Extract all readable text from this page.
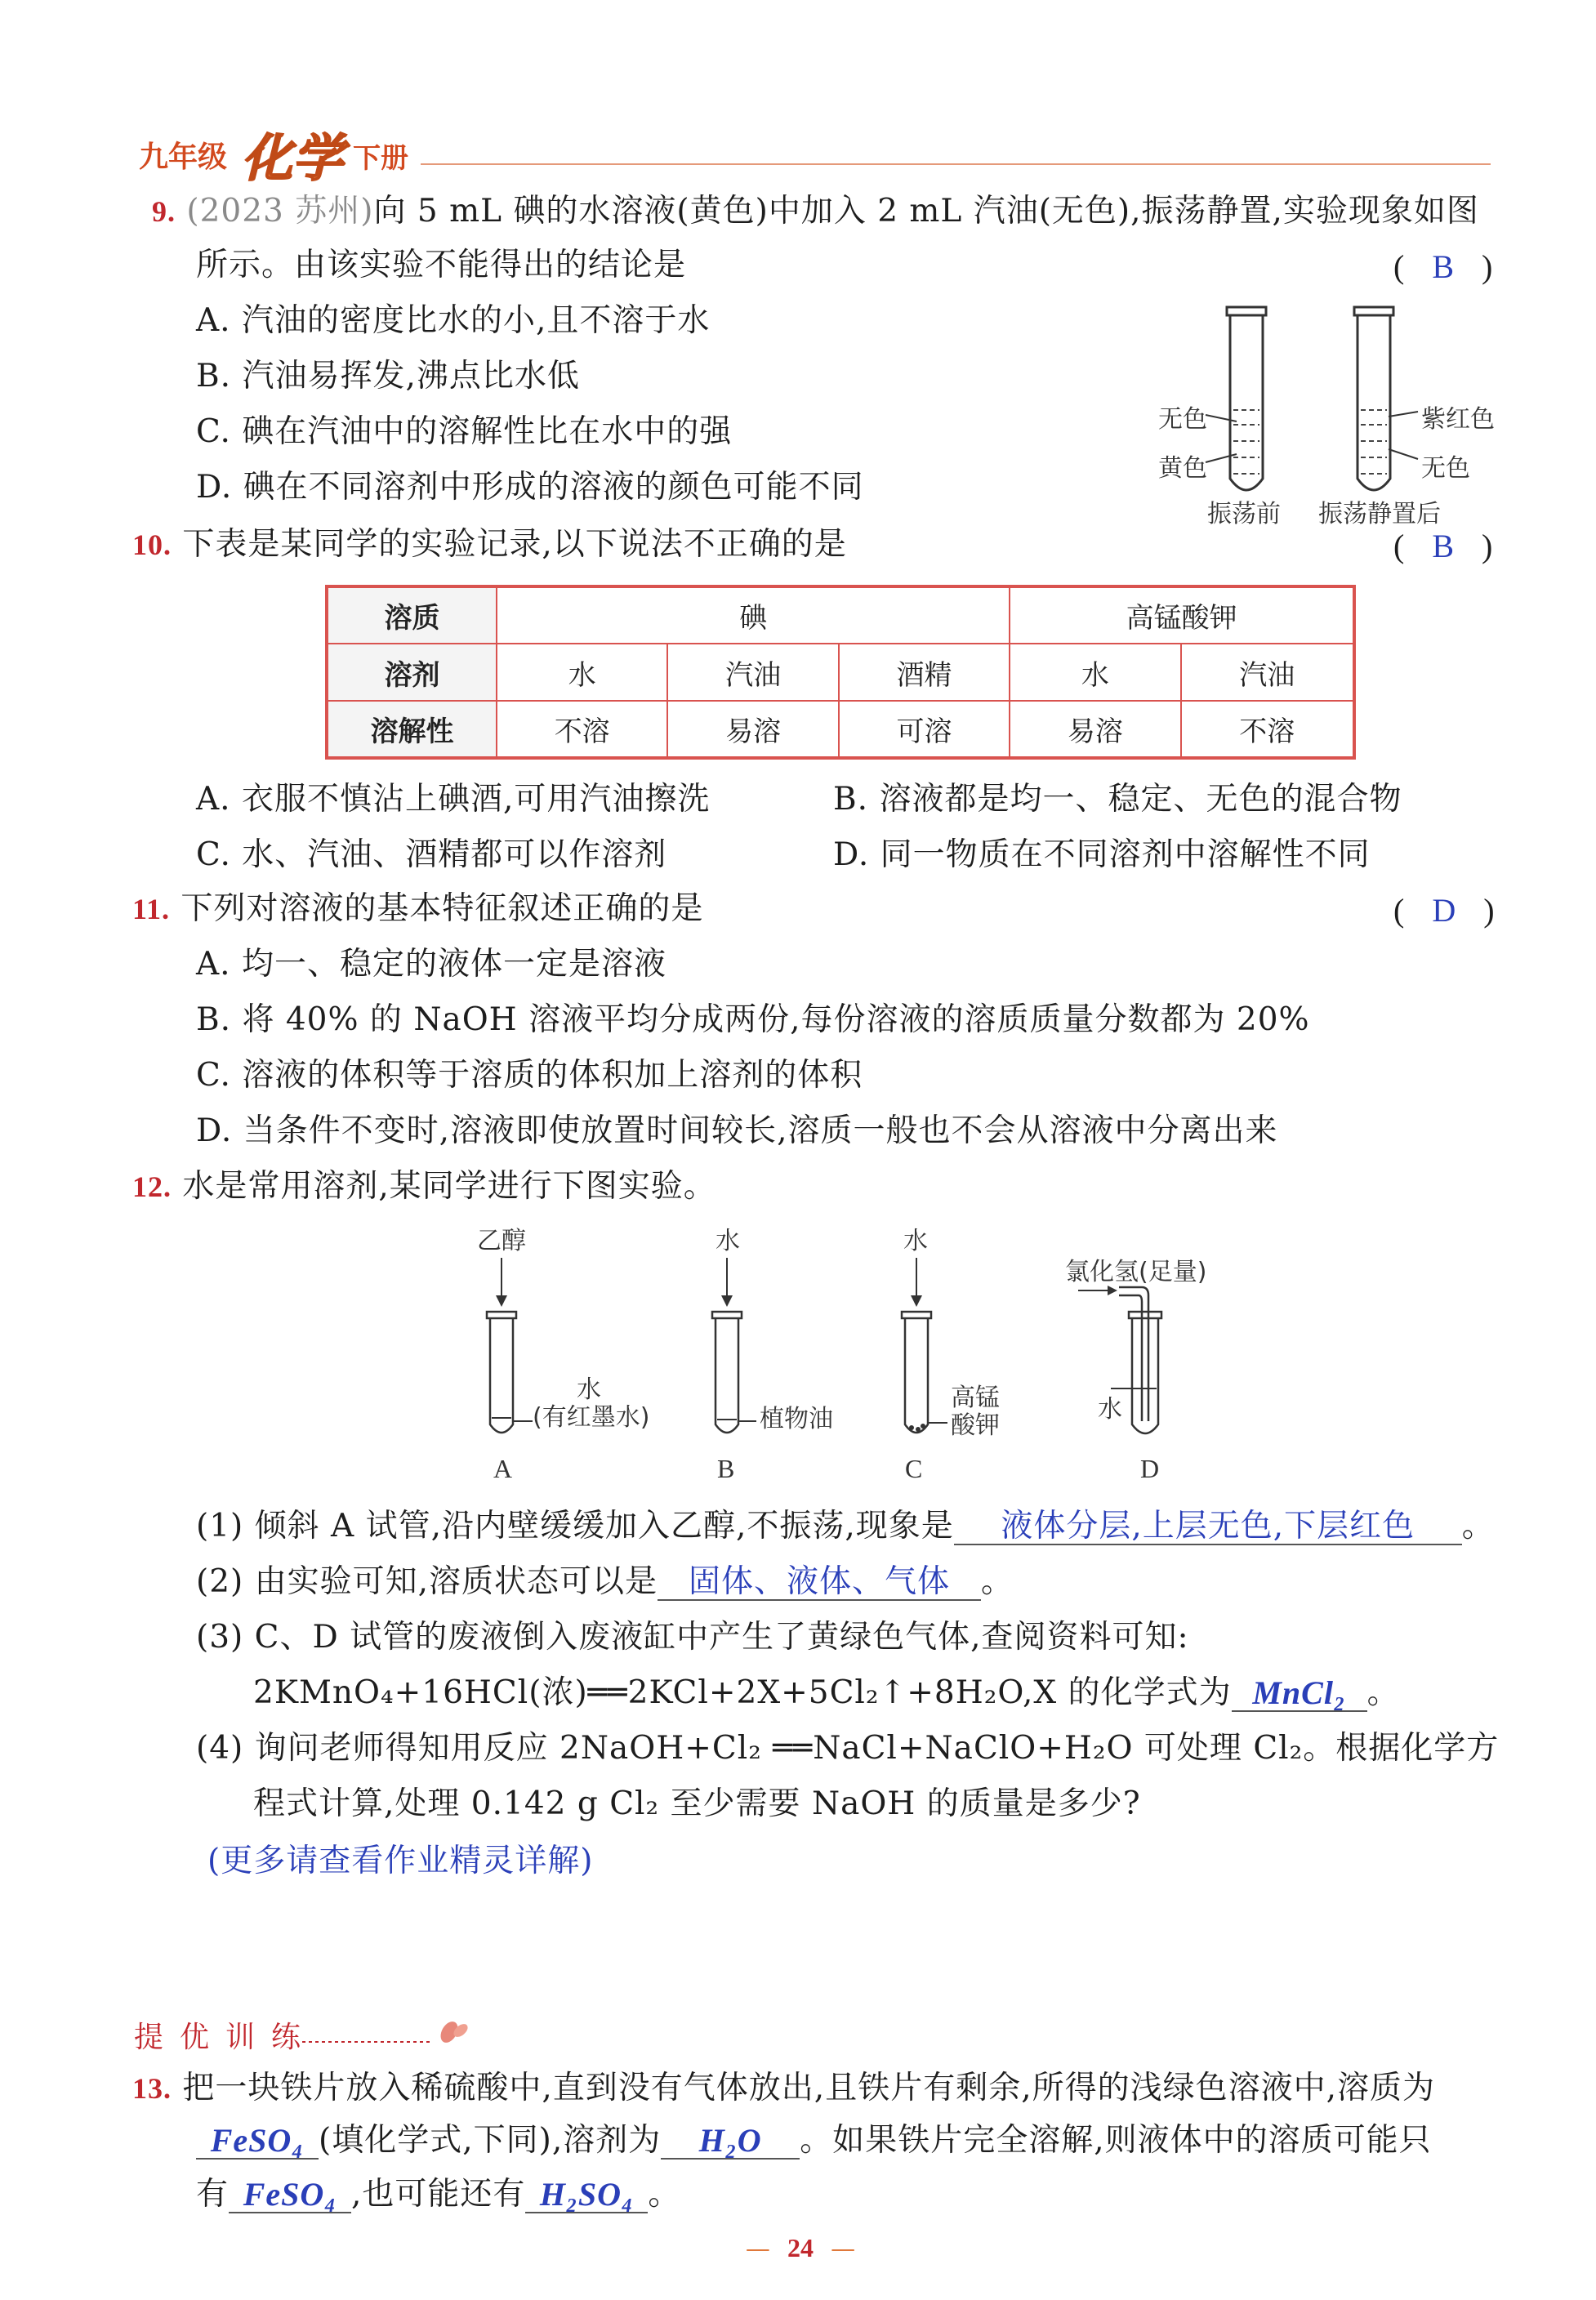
九年级 化学 下册
9. (2023 苏州)向 5 mL 碘的水溶液(黄色)中加入 2 mL 汽油(无色),振荡静置,实验现象如图
所示。由该实验不能得出的结论是	(   B   )
A. 汽油的密度比水的小,且不溶于水
B. 汽油易挥发,沸点比水低
C. 碘在汽油中的溶解性比在水中的强
D. 碘在不同溶剂中形成的溶液的颜色可能不同
无色
黄色
振荡前
紫红色
无色
振荡静置后
10. 下表是某同学的实验记录,以下说法不正确的是	(   B   )
溶质	碘			高锰酸钾	
溶剂	水	汽油	酒精	水	汽油
溶解性	不溶	易溶	可溶	易溶	不溶
A. 衣服不慎沾上碘酒,可用汽油擦洗	B. 溶液都是均一、稳定、无色的混合物
C. 水、汽油、酒精都可以作溶剂	D. 同一物质在不同溶剂中溶解性不同
11. 下列对溶液的基本特征叙述正确的是	(   D   )
A. 均一、稳定的液体一定是溶液
B. 将 40% 的 NaOH 溶液平均分成两份,每份溶液的溶质质量分数都为 20%
C. 溶液的体积等于溶质的体积加上溶剂的体积
D. 当条件不变时,溶液即使放置时间较长,溶质一般也不会从溶液中分离出来
12. 水是常用溶剂,某同学进行下图实验。
乙醇
水
(有红墨水)
A
水
植物油
B
水
高锰
酸钾
C
氯化氢(足量)
水
D
(1) 倾斜 A 试管,沿内壁缓缓加入乙醇,不振荡,现象是 液体分层,上层无色,下层红色 。
(2) 由实验可知,溶质状态可以是 固体、液体、气体 。
(3) C、D 试管的废液倒入废液缸中产生了黄绿色气体,查阅资料可知:
2KMnO₄+16HCl(浓)══2KCl+2X+5Cl₂↑+8H₂O,X 的化学式为 MnCl₂ 。
(4) 询问老师得知用反应 2NaOH+Cl₂ ══NaCl+NaClO+H₂O 可处理 Cl₂。根据化学方
程式计算,处理 0.142 g Cl₂ 至少需要 NaOH 的质量是多少?
(更多请查看作业精灵详解)
提优训练
13. 把一块铁片放入稀硫酸中,直到没有气体放出,且铁片有剩余,所得的浅绿色溶液中,溶质为
FeSO₄ (填化学式,下同),溶剂为 H₂O 。如果铁片完全溶解,则液体中的溶质可能只
有 FeSO₄ ,也可能还有 H₂SO₄ 。
— 24 —
